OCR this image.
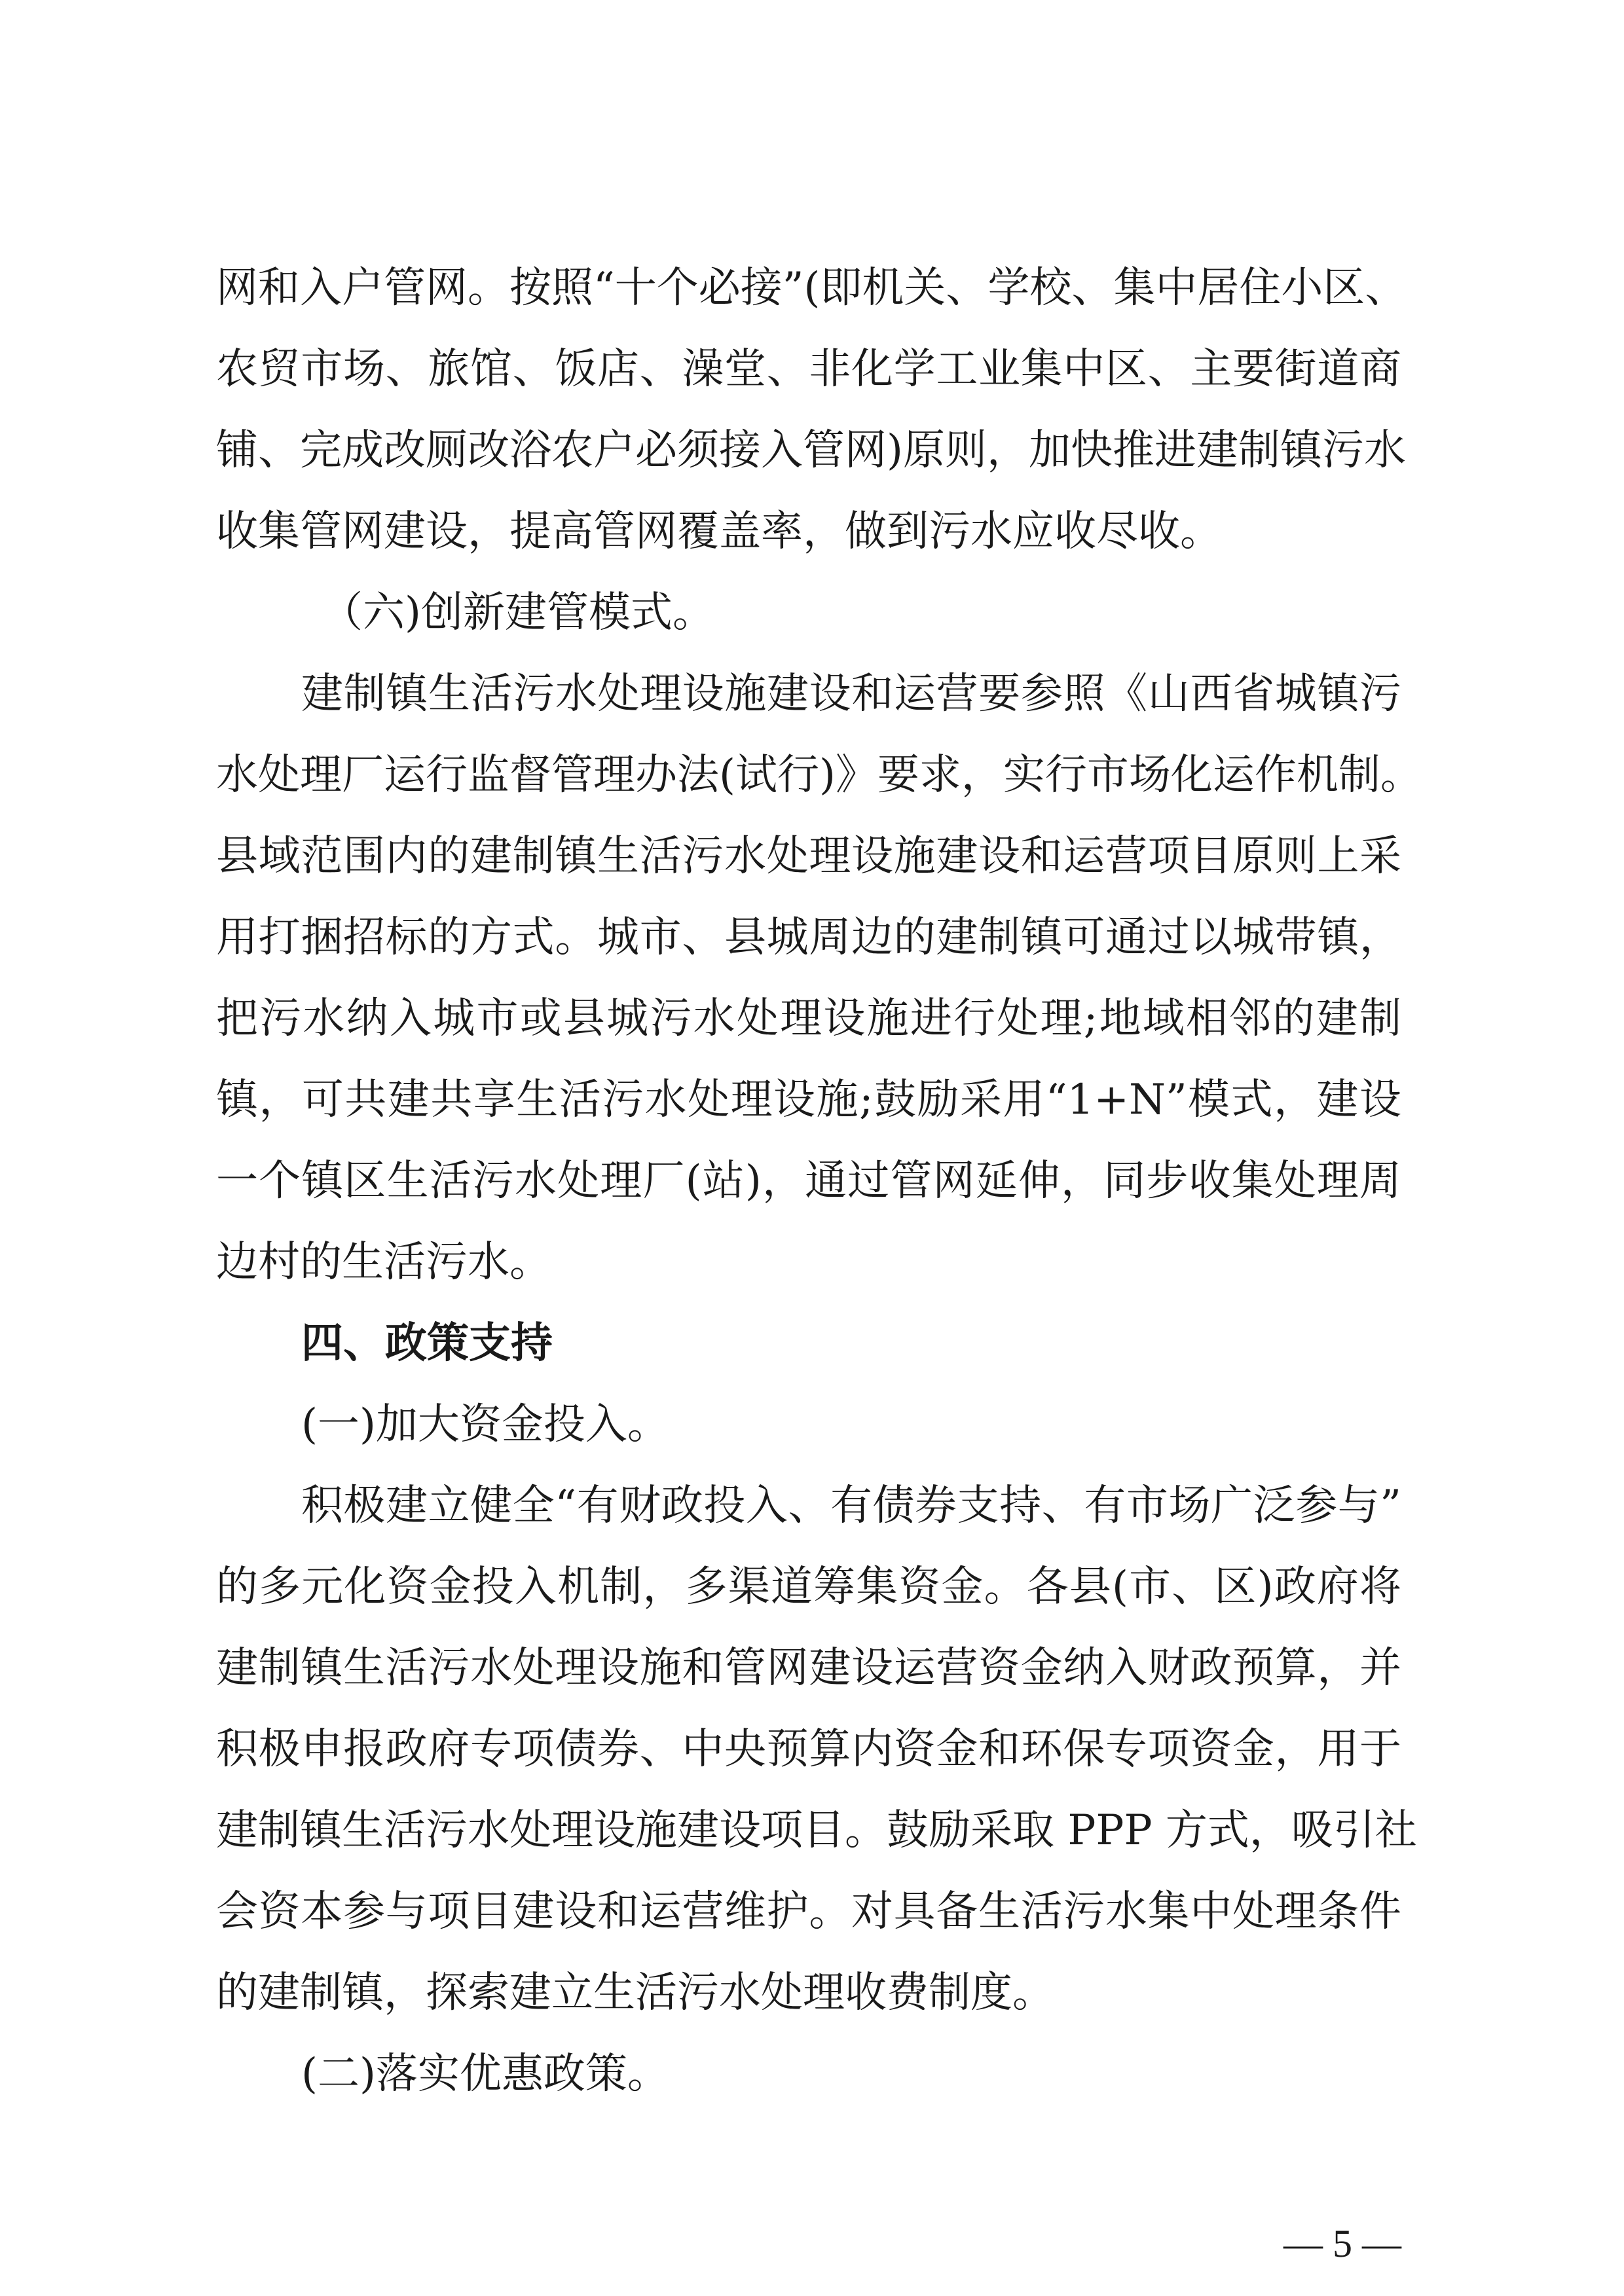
网和入户管网。按照“十个必接”(即机关、学校、集中居住小区、
农贸市场、旅馆、饭店、澡堂、非化学工业集中区、主要街道商
铺、完成改厕改浴农户必须接入管网)原则，加快推进建制镇污水
收集管网建设，提高管网覆盖率，做到污水应收尽收。
（六)创新建管模式。
建制镇生活污水处理设施建设和运营要参照《山西省城镇污
水处理厂运行监督管理办法(试行)》要求，实行市场化运作机制。
县域范围内的建制镇生活污水处理设施建设和运营项目原则上采
用打捆招标的方式。城市、县城周边的建制镇可通过以城带镇，
把污水纳入城市或县城污水处理设施进行处理;地域相邻的建制
镇，可共建共享生活污水处理设施;鼓励采用“1+N”模式，建设
一个镇区生活污水处理厂(站)，通过管网延伸，同步收集处理周
边村的生活污水。
四、政策支持
(一)加大资金投入。
积极建立健全“有财政投入、有债券支持、有市场广泛参与”
的多元化资金投入机制，多渠道筹集资金。各县(市、区)政府将
建制镇生活污水处理设施和管网建设运营资金纳入财政预算，并
积极申报政府专项债券、中央预算内资金和环保专项资金，用于
建制镇生活污水处理设施建设项目。鼓励采取 PPP 方式，吸引社
会资本参与项目建设和运营维护。对具备生活污水集中处理条件
的建制镇，探索建立生活污水处理收费制度。
(二)落实优惠政策。
— 5 —
